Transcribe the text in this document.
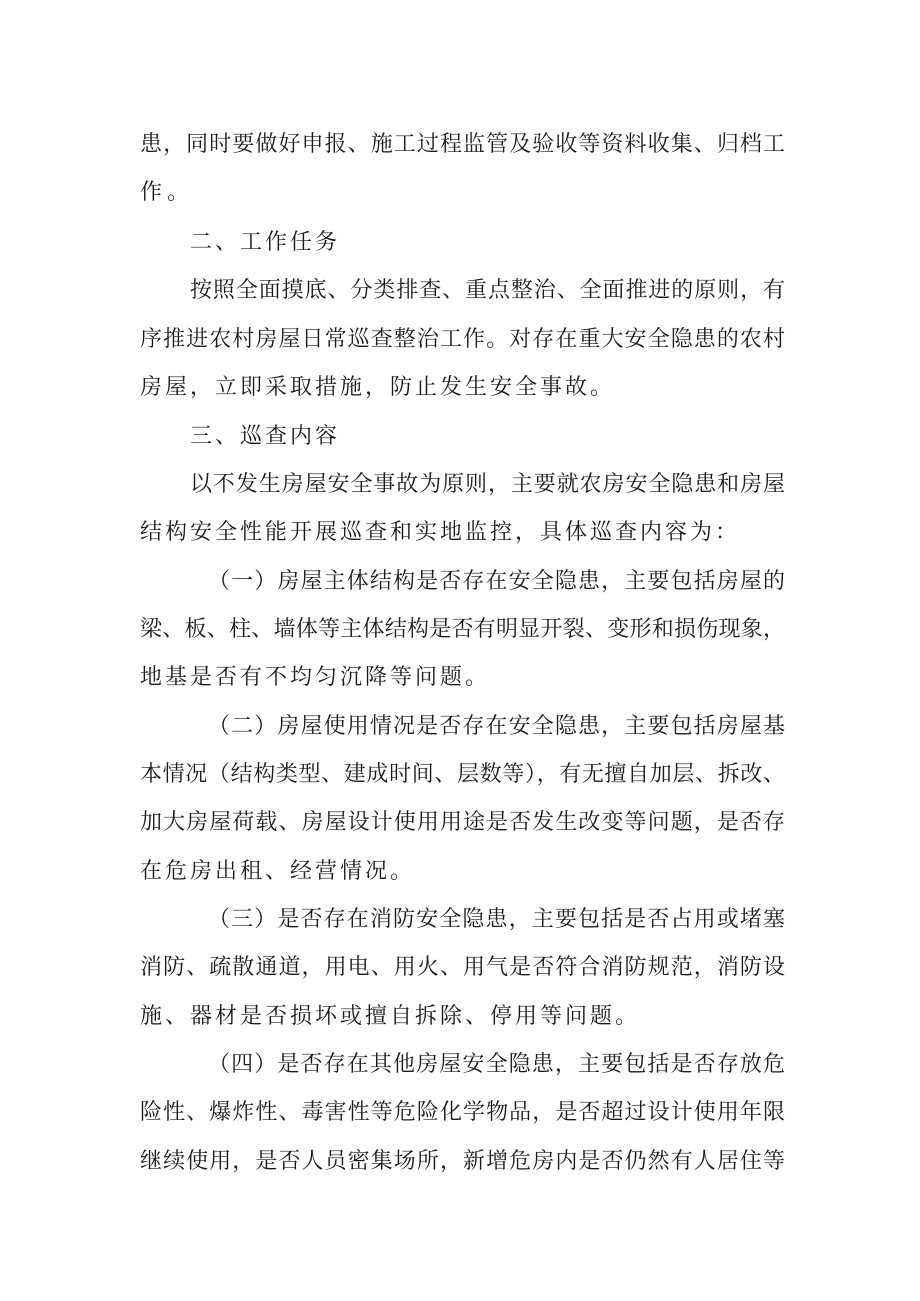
患，同时要做好申报、施工过程监管及验收等资料收集、归档工
作。
二、工作任务
按照全面摸底、分类排查、重点整治、全面推进的原则，有
序推进农村房屋日常巡查整治工作。对存在重大安全隐患的农村
房屋，立即采取措施，防止发生安全事故。
三、巡查内容
以不发生房屋安全事故为原则，主要就农房安全隐患和房屋
结构安全性能开展巡查和实地监控，具体巡查内容为：
（一）房屋主体结构是否存在安全隐患，主要包括房屋的
梁、板、柱、墙体等主体结构是否有明显开裂、变形和损伤现象，
地基是否有不均匀沉降等问题。
（二）房屋使用情况是否存在安全隐患，主要包括房屋基
本情况（结构类型、建成时间、层数等），有无擅自加层、拆改、
加大房屋荷载、房屋设计使用用途是否发生改变等问题，是否存
在危房出租、经营情况。
（三）是否存在消防安全隐患，主要包括是否占用或堵塞
消防、疏散通道，用电、用火、用气是否符合消防规范，消防设
施、器材是否损坏或擅自拆除、停用等问题。
（四）是否存在其他房屋安全隐患，主要包括是否存放危
险性、爆炸性、毒害性等危险化学物品，是否超过设计使用年限
继续使用，是否人员密集场所，新增危房内是否仍然有人居住等
